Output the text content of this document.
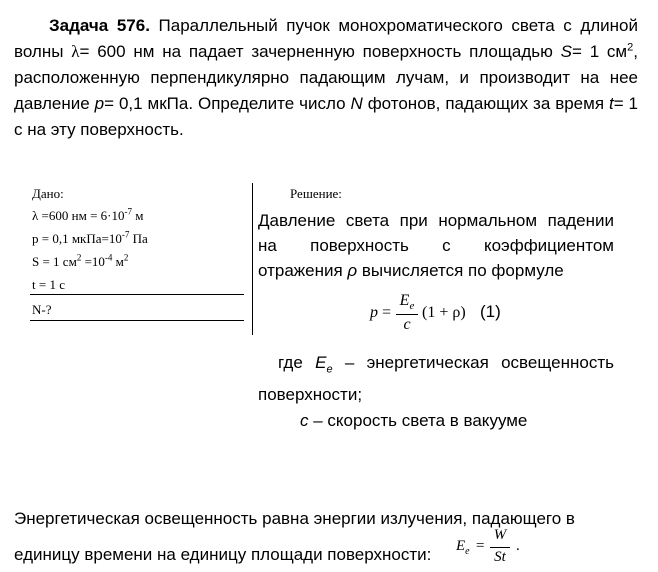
Задача 576. Параллельный пучок монохроматического света с длиной волны λ= 600 нм на падает зачерненную поверхность площадью S= 1 $см^2$, расположенную перпендикулярно падающим лучам, и производит на нее давление p= 0,1 мкПа. Определите число N фотонов, падающих за время t= 1 с на эту поверхность.

Дано:
λ =600 нм = $6\cdot 10^{-7}$ м
p = 0,1 $мкПа=10^{-7}$ Па
S = 1 $см^2 =10^{-4}$ $м^2$
t = 1 с
N-?
Решение:
Давление света при нормальном падении
на поверхность с коэффициентом
отражения ρ вычисляется по формуле
p =
$E_e$
c
(1 + ρ) (1)

где $E_e$ – энергетическая освещенность поверхности;

c – скорость света в вакууме
Энергетическая освещенность равна энергии излучения, падающего в
единицу времени на единицу площади поверхности:	$E_e$ =
W
St
.
